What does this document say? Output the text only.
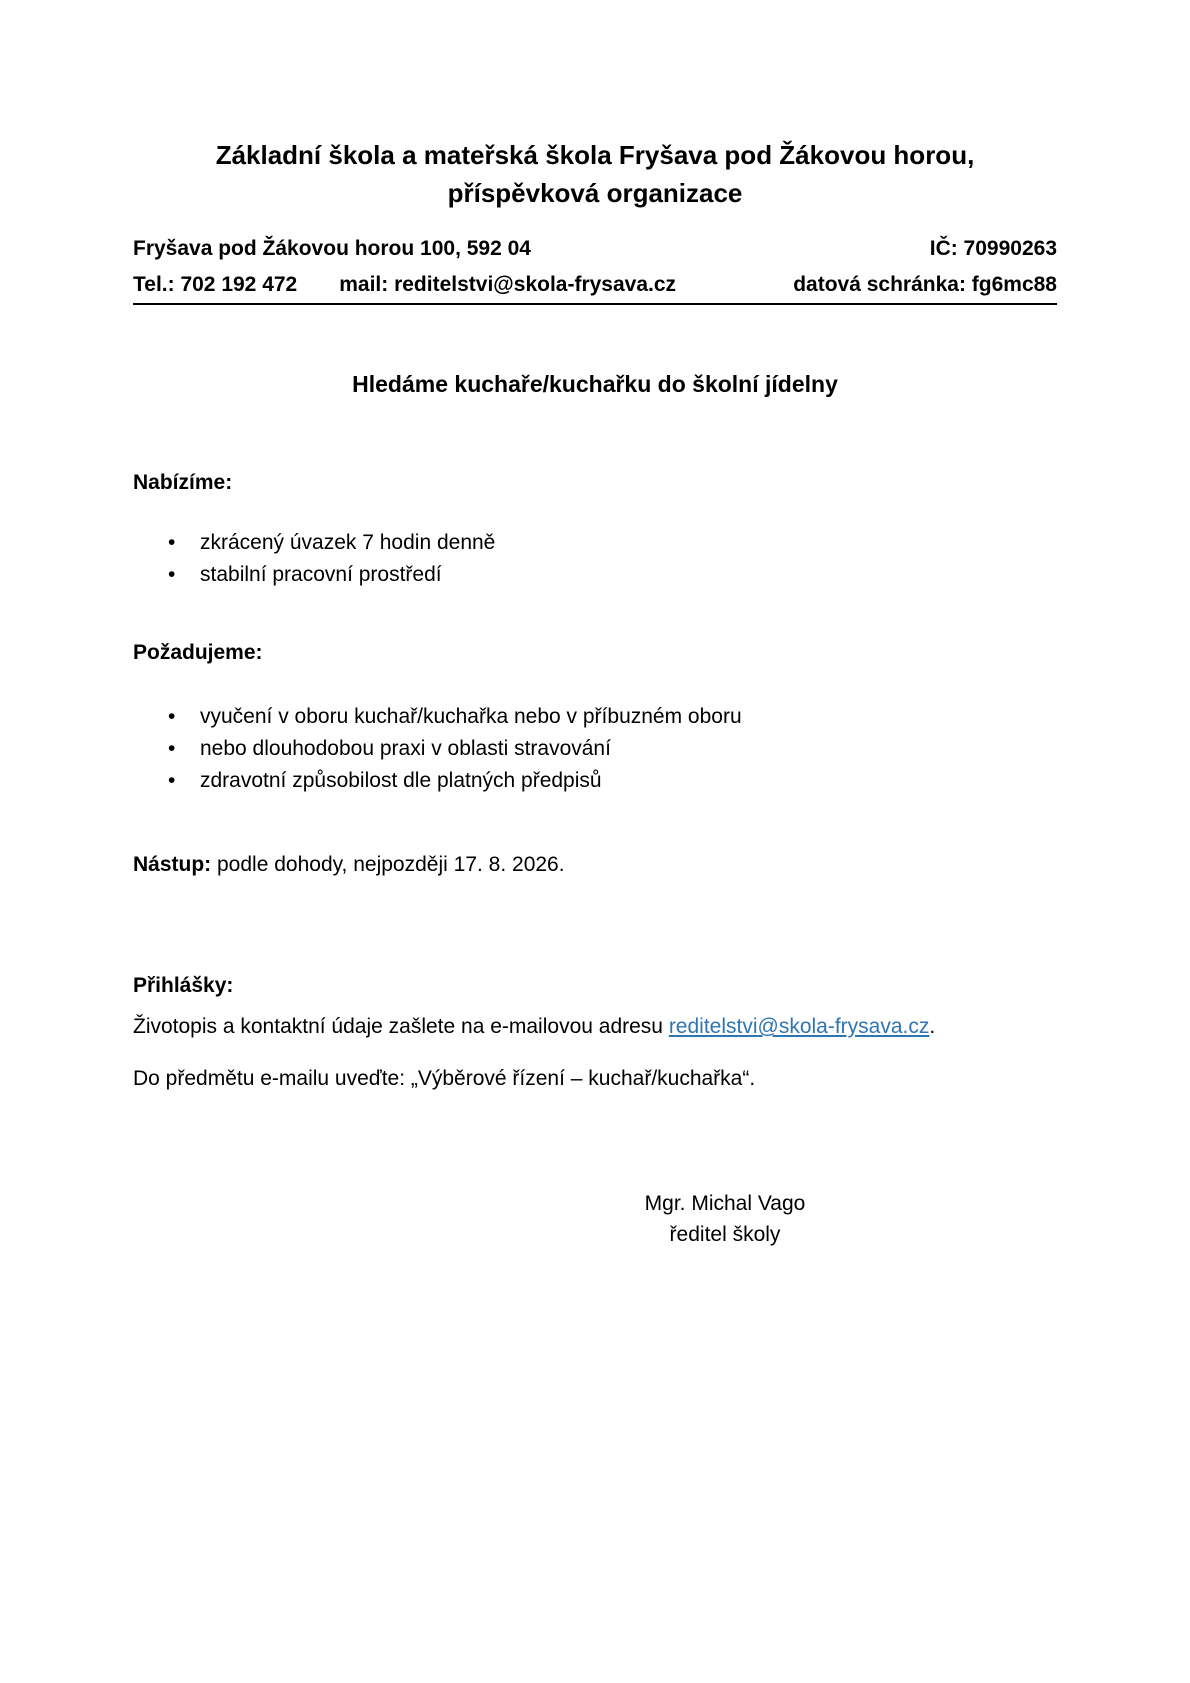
Základní škola a mateřská škola Fryšava pod Žákovou horou,
příspěvková organizace
Fryšava pod Žákovou horou 100, 592 04	IČ: 70990263
Tel.: 702 192 472 mail: reditelstvi@skola-frysava.cz	datová schránka: fg6mc88
Hledáme kuchaře/kuchařku do školní jídelny

Nabízíme:

• zkrácený úvazek 7 hodin denně
• stabilní pracovní prostředí

Požadujeme:

• vyučení v oboru kuchař/kuchařka nebo v příbuzném oboru
• nebo dlouhodobou praxi v oblasti stravování
• zdravotní způsobilost dle platných předpisů

Nástup: podle dohody, nejpozději 17. 8. 2026.

Přihlášky:

Životopis a kontaktní údaje zašlete na e-mailovou adresu reditelstvi@skola-frysava.cz.

Do předmětu e-mailu uveďte: „Výběrové řízení – kuchař/kuchařka“.

Mgr. Michal Vago
ředitel školy
